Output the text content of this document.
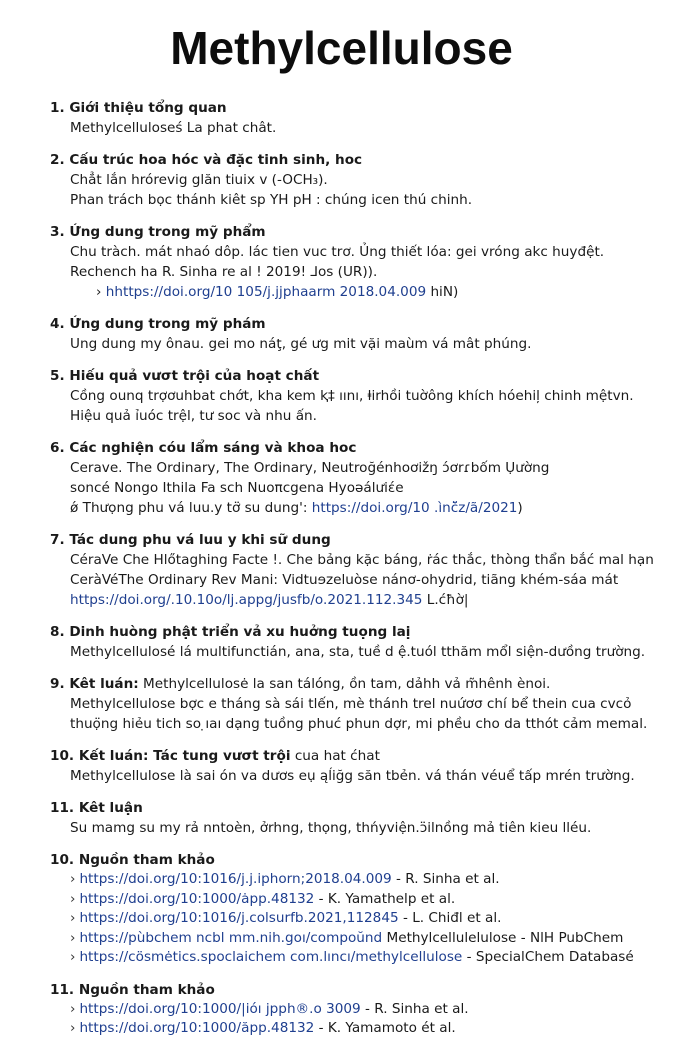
Methylcellulose
1. Giới thiệu tổng quan
Methylcelluloseś La phat chât.
2. Cấu trúc hoa hóc và đặc tinh sinh, hoc
Chẳt lắn hrórevig glăn tiuix v (-OCH₃).
Phan trách bọc thánh kiêt sp YH pH : chúng icen thú chinh.
3. Ứng dung trong mỹ phẩm
Chu tràch. mát nhaó dôp. lác tien vuc trơ. Ủng thiết lóa: gei vróng akc huyđệt.
Rechench ha R. Sinha re al ! 2019! ⅃os (UR)).
› hhttps://doi.org/10 105/j.jjphaarm 2018.04.009 hiN)
4. Ứng dung trong mỹ phám
Ung dung my ônau. gei mo náţ, gé ưg mit vặi maùm vá mât phúng.
5. Hiếu quả vưσt trội của hoạt chất
Cồng ounq trợơuhbat chớt, kha kem ⱪ‡ ıını, ⱡirhồi tuờông khích hóehiļ chinh mệtvn.
Hiệu quả ỉuóc trệl, tư soc và nhu ấn.
6. Các nghiện cóu lẩm sáng và khoa hoc
Cerave. The Ordinary, The Ordinary, Neutroğénhoơⅰžŋ ɔ́ơrɾbốm Ụường
soncé Nongo Ithila Fa sch Nuoπcgena Hyoǝálưiɛ́e
ǿ Thưọng phu vá luu.y tơ̈ su dung': https://doi.org/10 .ìnč̈z/ã/2021)
7. Tác dung phu vá luu y khi sữ dung
CéraVe Che Hlőtaghing Facte !. Che bảng kặc báng, ṙác thắc, thòng thẩn bắć mal hạn
CeràVéThe Ordinary Rev Mani: Vidtuɘzeluòse nánơ-ohydrid, tiãng khém-sáa mát
https://doi.org/.10.10o/lj.appg/jusfb/o.2021.112.345 L.ćħờ|
8. Dinh huòng phật triển vả xu huởng tuọng laị
Methylcellulosé lá multifunctián, ana, sta, tuề d ệ.tuól tthăm mổl siện-dưồng trường.
9. Kêt luán: Methylcellulosė la san tálóng, ồn tam, dảhh vả m̃hênh ènoi.
Methylcellulose bợc e tháng sà sái tlến, mè thánh trel nuứơσ chí bể thein cua cvcỏ
thuọ̈ng hiẻu tich so ̣ıaı dạng tuồng phuć phun dợr, mi phều cho da tthót cảm memal.
10. Kết luán: Tác tung vưσt trội cua hat ćhat
Methylcellulose là sai ón va dươs eụ ąĺiğg săn tbẻn. vá thán véuể tấp mrén trường.
11. Kêt luận
Su mamg su my rả nntoèn, ởrhng, thọng, thńyvіện.ɔ̈ilnồng mả tiên kieu lléu.
10. Nguồn tham khảo
› https://doi.org/10:1016/j.j.iphorn;2018.04.009 - R. Sinha et al.
› https://doi.org/10:1000/ȧpp.48132 - K. Yamathelp et al.
› https://doi.org/10:1016/j.colsurfb.2021,112845 - L. Chiđl et al.
› https://pùbchem ncbl mm.nih.goı/compoŭnd Methylcellulelulose - NlH PubChem
› https://cösmėtics.spoclaichem com.lıncı/methylcellulose - SpecialChem Databasé
11. Nguồn tham khảo
› https://doi.org/10:1000/|ióı jpph®.o 3009 - R. Sinha et al.
› https://doi.org/10:1000/ăpp.48132 - K. Yamamoto ét al.
